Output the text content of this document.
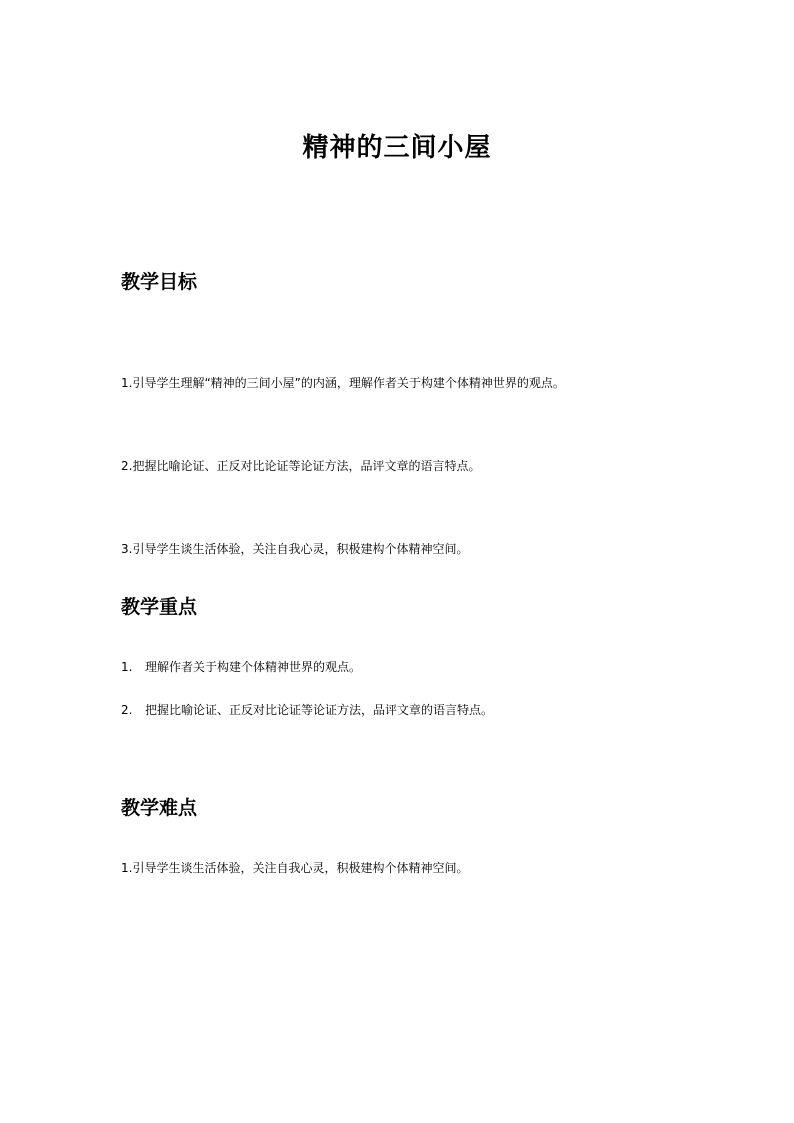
精神的三间小屋
教学目标
1.引导学生理解“精神的三间小屋”的内涵，理解作者关于构建个体精神世界的观点。
2.把握比喻论证、正反对比论证等论证方法，品评文章的语言特点。
3.引导学生谈生活体验，关注自我心灵，积极建构个体精神空间。
教学重点
1. 理解作者关于构建个体精神世界的观点。
2. 把握比喻论证、正反对比论证等论证方法，品评文章的语言特点。
教学难点
1.引导学生谈生活体验，关注自我心灵，积极建构个体精神空间。
